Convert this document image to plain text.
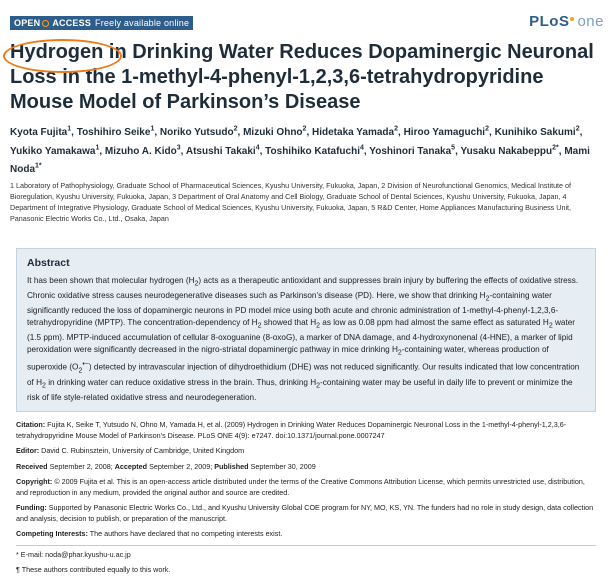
OPEN ACCESS Freely available online	PLoS one
Hydrogen in Drinking Water Reduces Dopaminergic Neuronal Loss in the 1-methyl-4-phenyl-1,2,3,6-tetrahydropyridine Mouse Model of Parkinson’s Disease

Kyota Fujita$^1$, Toshihiro Seike$^1$, Noriko Yutsudo$^2$, Mizuki Ohno$^2$, Hidetaka Yamada$^2$, Hiroo Yamaguchi$^2$, Kunihiko Sakumi$^2$, Yukiko Yamakawa$^1$, Mizuho A. Kido$^3$, Atsushi Takaki$^4$, Toshihiko Katafuchi$^4$, Yoshinori Tanaka$^5$, Yusaku Nakabeppu$^{2*}$, Mami Noda$^{1*}$

1 Laboratory of Pathophysiology, Graduate School of Pharmaceutical Sciences, Kyushu University, Fukuoka, Japan, 2 Division of Neurofunctional Genomics, Medical Institute of Bioregulation, Kyushu University, Fukuoka, Japan, 3 Department of Oral Anatomy and Cell Biology, Graduate School of Dental Sciences, Kyushu University, Fukuoka, Japan, 4 Department of Integrative Physiology, Graduate School of Medical Sciences, Kyushu University, Fukuoka, Japan, 5 R&D Center, Home Appliances Manufacturing Business Unit, Panasonic Electric Works Co., Ltd., Osaka, Japan

Abstract

It has been shown that molecular hydrogen $(H_2)$ acts as a therapeutic antioxidant and suppresses brain injury by buffering the effects of oxidative stress. Chronic oxidative stress causes neurodegenerative diseases such as Parkinson’s disease (PD). Here, we show that drinking $H_2$-containing water significantly reduced the loss of dopaminergic neurons in PD model mice using both acute and chronic administration of 1-methyl-4-phenyl-1,2,3,6-tetrahydropyridine (MPTP). The concentration-dependency of $H_2$ showed that $H_2$ as low as 0.08 ppm had almost the same effect as saturated $H_2$ water (1.5 ppm). MPTP-induced accumulation of cellular 8-oxoguanine (8-oxoG), a marker of DNA damage, and 4-hydroxynonenal (4-HNE), a marker of lipid peroxidation were significantly decreased in the nigro-striatal dopaminergic pathway in mice drinking $H_2$-containing water, whereas production of superoxide $(O_2^{•-})$ detected by intravascular injection of dihydroethidium (DHE) was not reduced significantly. Our results indicated that low concentration of $H_2$ in drinking water can reduce oxidative stress in the brain. Thus, drinking $H_2$-containing water may be useful in daily life to prevent or minimize the risk of life style-related oxidative stress and neurodegeneration.

Citation: Fujita K, Seike T, Yutsudo N, Ohno M, Yamada H, et al. (2009) Hydrogen in Drinking Water Reduces Dopaminergic Neuronal Loss in the 1-methyl-4-phenyl-1,2,3,6-tetrahydropyridine Mouse Model of Parkinson’s Disease. PLoS ONE 4(9): e7247. doi:10.1371/journal.pone.0007247

Editor: David C. Rubinsztein, University of Cambridge, United Kingdom

Received September 2, 2008; Accepted September 2, 2009; Published September 30, 2009

Copyright: © 2009 Fujita et al. This is an open-access article distributed under the terms of the Creative Commons Attribution License, which permits unrestricted use, distribution, and reproduction in any medium, provided the original author and source are credited.

Funding: Supported by Panasonic Electric Works Co., Ltd., and Kyushu University Global COE program for NY, MO, KS, YN. The funders had no role in study design, data collection and analysis, decision to publish, or preparation of the manuscript.

Competing Interests: The authors have declared that no competing interests exist.

* E-mail: noda@phar.kyushu-u.ac.jp

¶ These authors contributed equally to this work.
